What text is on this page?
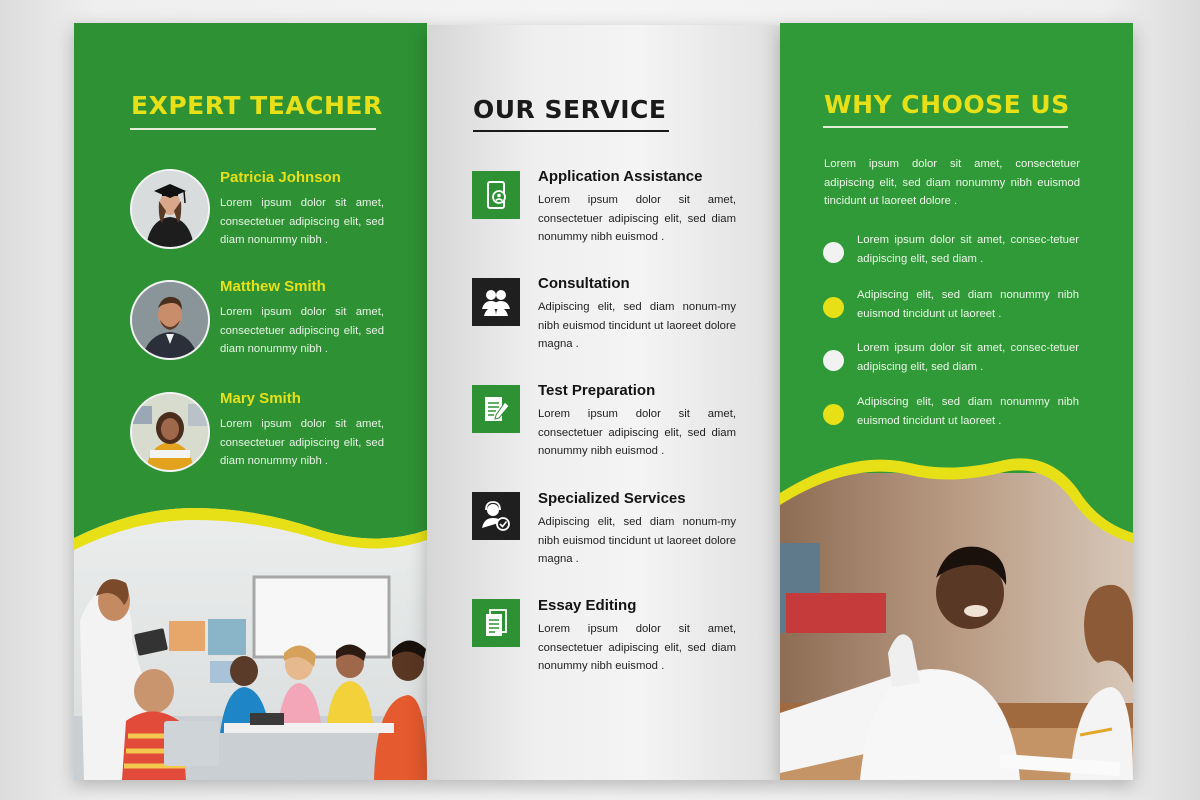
EXPERT TEACHER

Patricia Johnson

Lorem ipsum dolor sit amet, consectetuer adipiscing elit, sed diam nonummy nibh .

Matthew Smith

Lorem ipsum dolor sit amet, consectetuer adipiscing elit, sed diam nonummy nibh .

Mary Smith

Lorem ipsum dolor sit amet, consectetuer adipiscing elit, sed diam nonummy nibh .

OUR SERVICE

Application Assistance

Lorem ipsum dolor sit amet, consectetuer adipiscing elit, sed diam nonummy nibh euismod .

Consultation

Adipiscing elit, sed diam nonum-my nibh euismod tincidunt ut laoreet dolore magna .

Test Preparation

Lorem ipsum dolor sit amet, consectetuer adipiscing elit, sed diam nonummy nibh euismod .

Specialized Services

Adipiscing elit, sed diam nonum-my nibh euismod tincidunt ut laoreet dolore magna .

Essay Editing

Lorem ipsum dolor sit amet, consectetuer adipiscing elit, sed diam nonummy nibh euismod .

WHY CHOOSE US

Lorem ipsum dolor sit amet, consectetuer adipiscing elit, sed diam nonummy nibh euismod tincidunt ut laoreet dolore .

Lorem ipsum dolor sit amet, consec-tetuer adipiscing elit, sed diam .

Adipiscing elit, sed diam nonummy nibh euismod tincidunt ut laoreet .

Lorem ipsum dolor sit amet, consec-tetuer adipiscing elit, sed diam .

Adipiscing elit, sed diam nonummy nibh euismod tincidunt ut laoreet .
